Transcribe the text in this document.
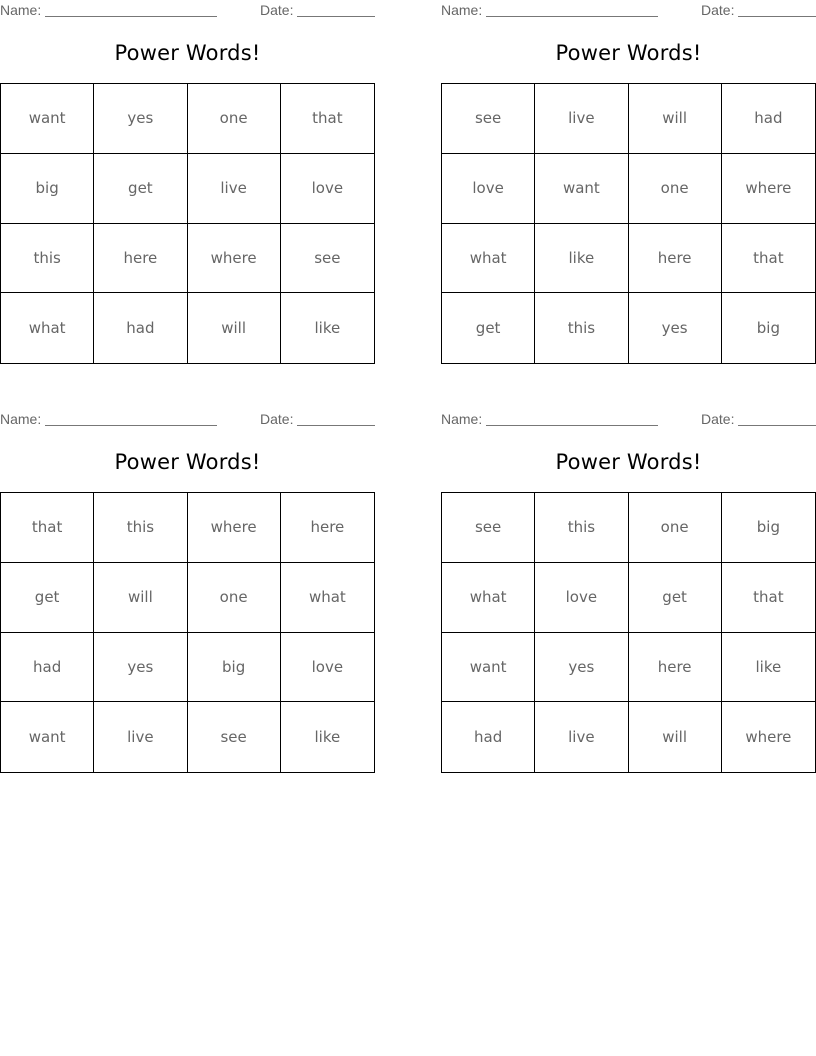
Name:	Date:
Power Words!
want	yes	one	that
big	get	live	love
this	here	where	see
what	had	will	like
Name:	Date:
Power Words!
see	live	will	had
love	want	one	where
what	like	here	that
get	this	yes	big
Name:	Date:
Power Words!
that	this	where	here
get	will	one	what
had	yes	big	love
want	live	see	like
Name:	Date:
Power Words!
see	this	one	big
what	love	get	that
want	yes	here	like
had	live	will	where
